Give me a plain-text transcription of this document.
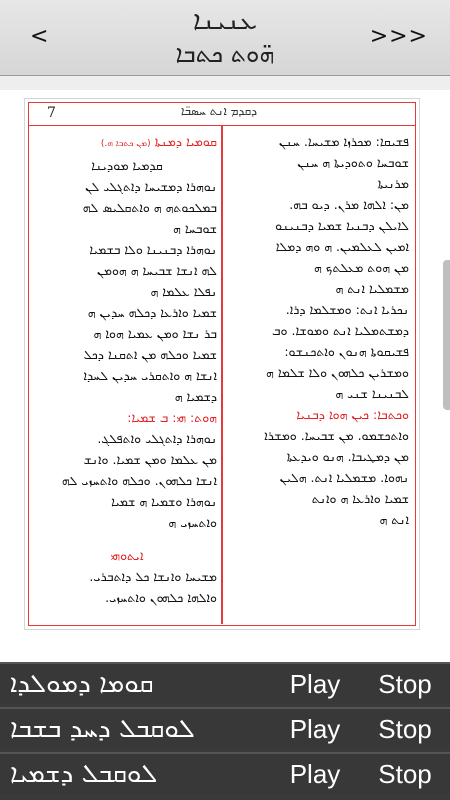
<
ܥܢܝܢܐ
ܗ̈ܘܬ ܟܬܒܐ
>>>
7	ܕܩܕܡ ܐܢܬ ܚܣܒ̈ܐ

ܦܫܝܩܐ: ܡܟܪܙܐ ܡܫܝܚܐ. ܚܢܢ

ܫܘܒܚܐ ܘܬܘܕܝܬܐ ܗ ܚܢܢ

ܡܪܢܝܬܐ

ܡܢ: ܐܠܗܐ ܡܪܢ. ܕܝܘ ܒܗ.

ܠܐܝܠܢ ܕܒܢܝܐ ܫܡܝܐ ܕܒܢܝܢܘ

ܐܡܝܢ ܠܥܠܡܝܢ. ܗ ܘܗ ܕܡܠܐ

ܡܢ ܗܘܬ ܡܥܠܬܟ ܗ

ܡܫܡܠܝܐ ܐܢܬ ܗ

ܢܟܪܝܐ ܐܢܬ: ܘܡܫܠܡܐ ܕܪܐ.

ܕܡܫܬܡܠܝܐ ܐܢܬ ܘܡܘܫܐ. ܘܒ

ܦܫܝܩܘܬܐ ܗܢܘܢ ܘܐܬܟܢܫܘ:

ܘܡܫܪܝܢ ܟܠܗܘܢ ܘܠܐ ܫܠܡܐ ܗ

ܠܒܢܝܢܐ ܫܢܝ ܗ

ܘܟܬܒܐ: ܟܝܢ ܗܘܐ ܕܒܢܝܐ

ܘܐܬܟܫܡܘ. ܡܢ ܫܒܝܚܐ. ܘܡܫܪܐ

ܡܢ ܕܡܛܝܒܐ. ܗܢܘ ܘܝܕܥܬܐ

ܢܗܘܐ. ܡܫܡܠܝܐ ܐܢܬ. ܗܠܝܢ

ܫܡܝܐ ܘܐܪܥܐ ܗ ܘܐܢܬ

ܐܢܬ ܗ

ܩܘܡܝܐ ܕܡܢܬܐ (ܡܢ ܟܬܒܐ ܗ.)

ܩܕܡܝܐ ܡܘܕܝܢܐ

ܢܘܗܪܐ ܕܡܫܝܚܐ ܕܐܬܓܠܝ ܠܢ

ܒܡܠܟܘܬܗ ܗ ܘܐܬܩܠܝܣ ܠܗ

ܫܘܒܚܐ ܗ

ܢܘܗܪܐ ܕܒܢܝܢܐ ܘܠܐ ܒܫܡܝܐ

ܠܗ ܐܢܫܐ ܫܒܝܚܐ ܗ ܗܘܡܢ

ܢܦܠܐ ܥܠܡܐ ܗ

ܫܡܝܐ ܘܐܪܥܐ ܕܟܠܗ ܚܕܝܢ ܗ

ܒܪ ܢܫܐ ܘܡܢ ܥܡܝܐ ܗܘܐ ܗ

ܫܡܝܐ ܘܟܠܗ ܡܢ ܐܬܩܢܐ ܕܟܠ

ܐܢܫܐ ܗ ܘܐܬܩܪܝ ܚܕܝܢ ܠܚܕܐ

ܕܫܡܝܐ ܗ

ܗܘܬ: ܗܝ: ܒ ܫܡܝܐ:

ܢܘܗܪܐ ܕܐܬܓܠܝ ܘܐܬܦܠܓ.

ܡܢ ܥܠܡܐ ܘܡܢ ܫܡܝܐ. ܘܐܢܫ

ܐܢܫܐ ܟܠܗܘܢ. ܘܟܠܗ ܘܐܬܚܙܝ ܠܗ

ܢܘܗܪܐ ܘܫܡܝܐ ܗ ܫܡܝܐ

ܘܐܬܚܙܝ ܗ

ܐܝܬܘܗܝ

ܡܫܝܚܐ ܘܐܢܫܐ ܟܠ ܕܐܬܒܪܝ.

ܘܐܠܗܐ ܟܠܗܘܢ ܘܐܬܚܙܝ.

ܩܘܡܐ ܕܡܘܠܕܐ	Play	Stop
ܠܘܩܒܠ ܕܚܕ ܒܫܒܐ	Play	Stop
ܠܘܩܒܠ ܕܫܡܝܐ	Play	Stop
